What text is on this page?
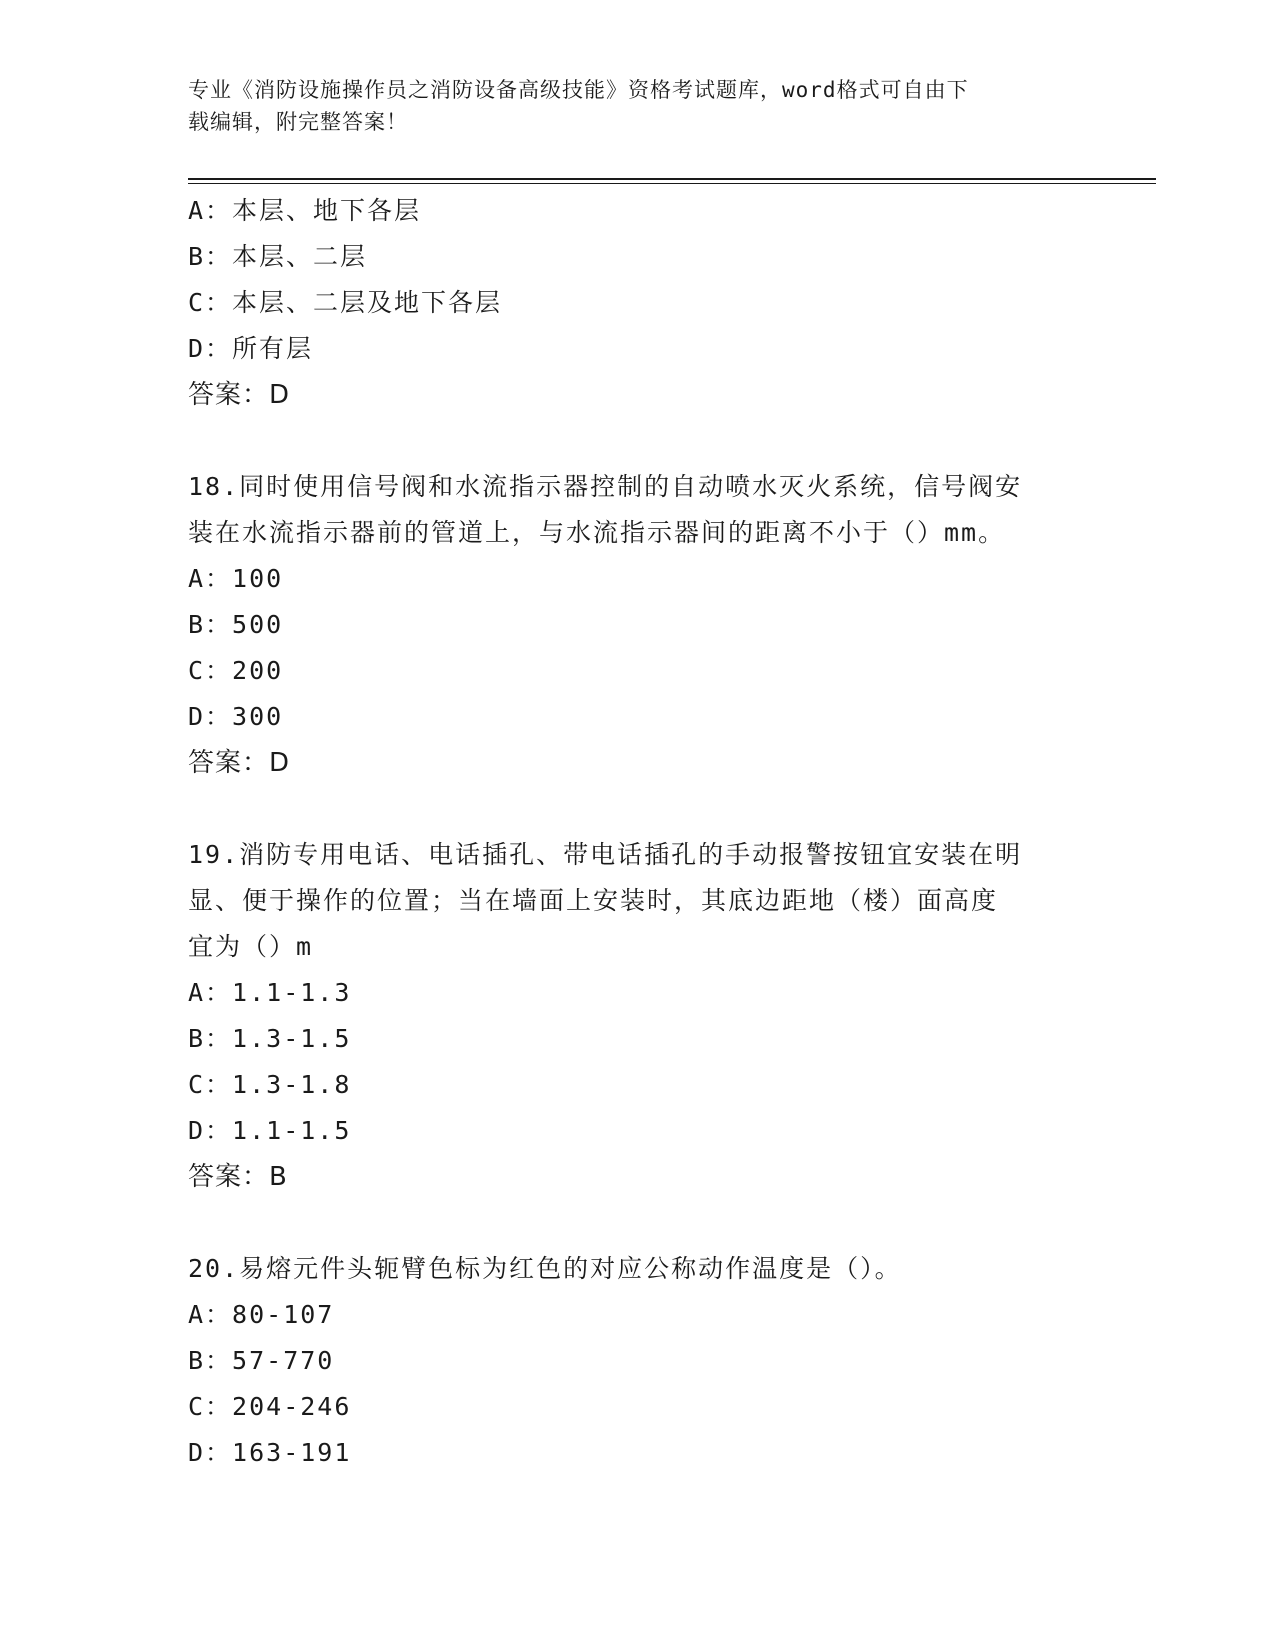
专业《消防设施操作员之消防设备高级技能》资格考试题库，word格式可自由下
载编辑，附完整答案！
A：本层、地下各层
B：本层、二层
C：本层、二层及地下各层
D：所有层
答案：D
18.同时使用信号阀和水流指示器控制的自动喷水灭火系统，信号阀安
装在水流指示器前的管道上，与水流指示器间的距离不小于（）mm。
A：100
B：500
C：200
D：300
答案：D
19.消防专用电话、电话插孔、带电话插孔的手动报警按钮宜安装在明
显、便于操作的位置；当在墙面上安装时，其底边距地（楼）面高度
宜为（）m
A：1.1-1.3
B：1.3-1.5
C：1.3-1.8
D：1.1-1.5
答案：B
20.易熔元件头轭臂色标为红色的对应公称动作温度是（）。
A：80-107
B：57-770
C：204-246
D：163-191
